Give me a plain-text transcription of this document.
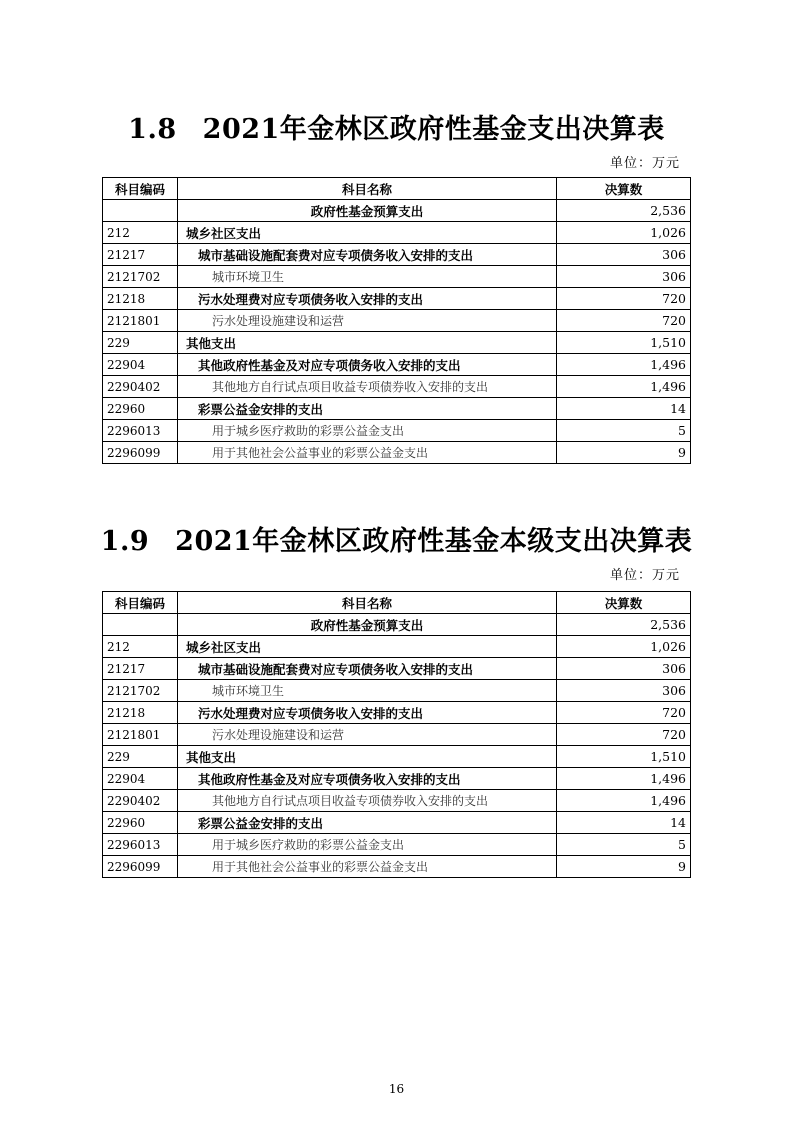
1.8 2021年金林区政府性基金支出决算表
单位：万元
科目编码	科目名称	决算数
	政府性基金预算支出	2,536
212	城乡社区支出	1,026
21217	城市基础设施配套费对应专项债务收入安排的支出	306
2121702	城市环境卫生	306
21218	污水处理费对应专项债务收入安排的支出	720
2121801	污水处理设施建设和运营	720
229	其他支出	1,510
22904	其他政府性基金及对应专项债务收入安排的支出	1,496
2290402	其他地方自行试点项目收益专项债券收入安排的支出	1,496
22960	彩票公益金安排的支出	14
2296013	用于城乡医疗救助的彩票公益金支出	5
2296099	用于其他社会公益事业的彩票公益金支出	9
1.9 2021年金林区政府性基金本级支出决算表
单位：万元
科目编码	科目名称	决算数
	政府性基金预算支出	2,536
212	城乡社区支出	1,026
21217	城市基础设施配套费对应专项债务收入安排的支出	306
2121702	城市环境卫生	306
21218	污水处理费对应专项债务收入安排的支出	720
2121801	污水处理设施建设和运营	720
229	其他支出	1,510
22904	其他政府性基金及对应专项债务收入安排的支出	1,496
2290402	其他地方自行试点项目收益专项债券收入安排的支出	1,496
22960	彩票公益金安排的支出	14
2296013	用于城乡医疗救助的彩票公益金支出	5
2296099	用于其他社会公益事业的彩票公益金支出	9
16
